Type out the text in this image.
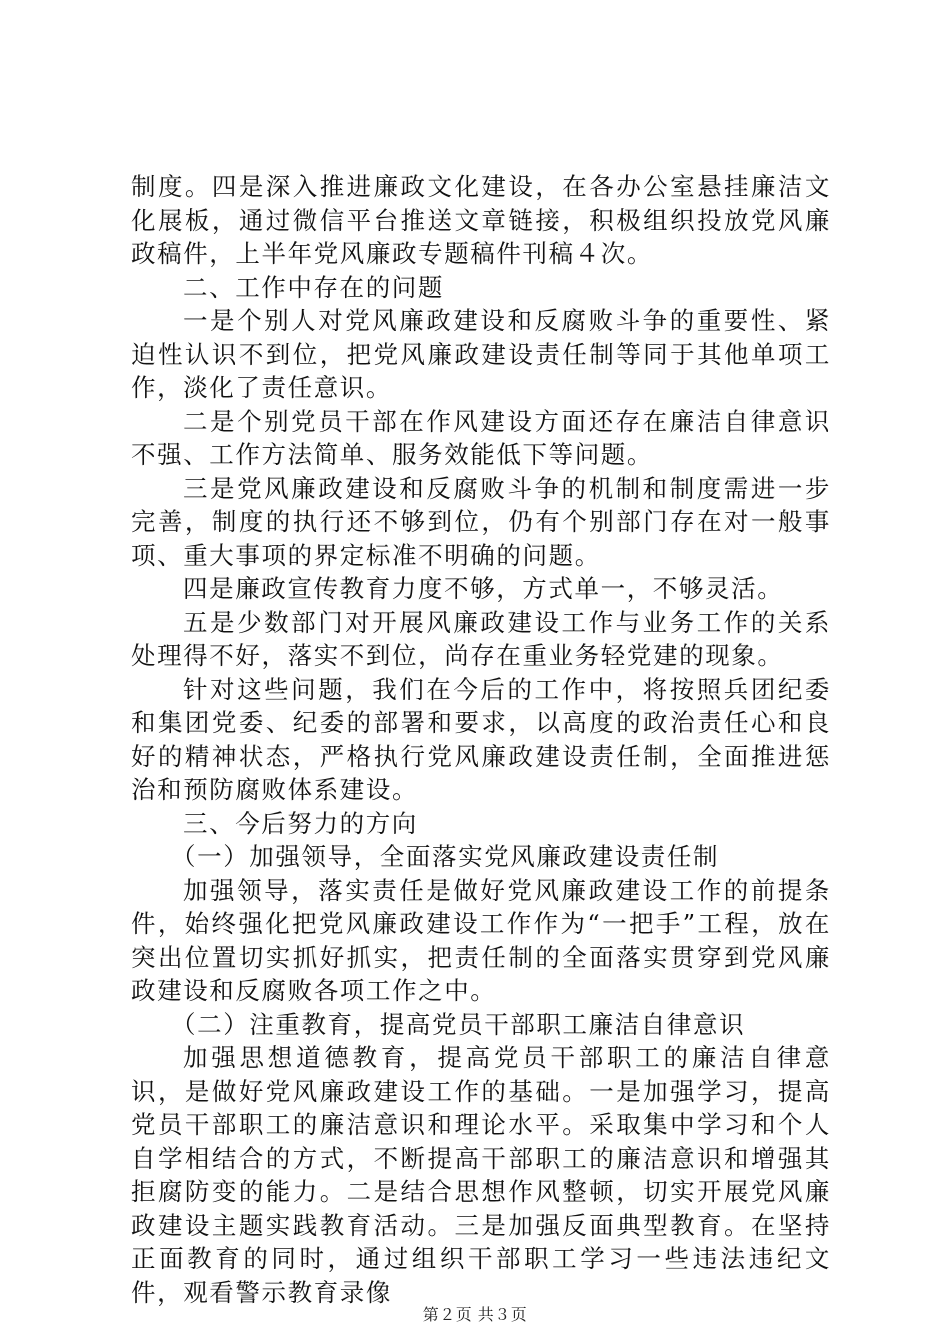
制度。四是深入推进廉政文化建设，在各办公室悬挂廉洁文化展板，通过微信平台推送文章链接，积极组织投放党风廉政稿件，上半年党风廉政专题稿件刊稿４次。

二、工作中存在的问题

一是个别人对党风廉政建设和反腐败斗争的重要性、紧迫性认识不到位，把党风廉政建设责任制等同于其他单项工作，淡化了责任意识。

二是个别党员干部在作风建设方面还存在廉洁自律意识不强、工作方法简单、服务效能低下等问题。

三是党风廉政建设和反腐败斗争的机制和制度需进一步完善，制度的执行还不够到位，仍有个别部门存在对一般事项、重大事项的界定标准不明确的问题。

四是廉政宣传教育力度不够，方式单一，不够灵活。

五是少数部门对开展风廉政建设工作与业务工作的关系处理得不好，落实不到位，尚存在重业务轻党建的现象。

针对这些问题，我们在今后的工作中，将按照兵团纪委和集团党委、纪委的部署和要求，以高度的政治责任心和良好的精神状态，严格执行党风廉政建设责任制，全面推进惩治和预防腐败体系建设。

三、今后努力的方向

（一）加强领导，全面落实党风廉政建设责任制

加强领导，落实责任是做好党风廉政建设工作的前提条件，始终强化把党风廉政建设工作作为“一把手”工程，放在突出位置切实抓好抓实，把责任制的全面落实贯穿到党风廉政建设和反腐败各项工作之中。

（二）注重教育，提高党员干部职工廉洁自律意识

加强思想道德教育，提高党员干部职工的廉洁自律意识，是做好党风廉政建设工作的基础。一是加强学习，提高党员干部职工的廉洁意识和理论水平。采取集中学习和个人自学相结合的方式，不断提高干部职工的廉洁意识和增强其拒腐防变的能力。二是结合思想作风整顿，切实开展党风廉政建设主题实践教育活动。三是加强反面典型教育。在坚持正面教育的同时，通过组织干部职工学习一些违法违纪文件，观看警示教育录像

第２页 共３页
